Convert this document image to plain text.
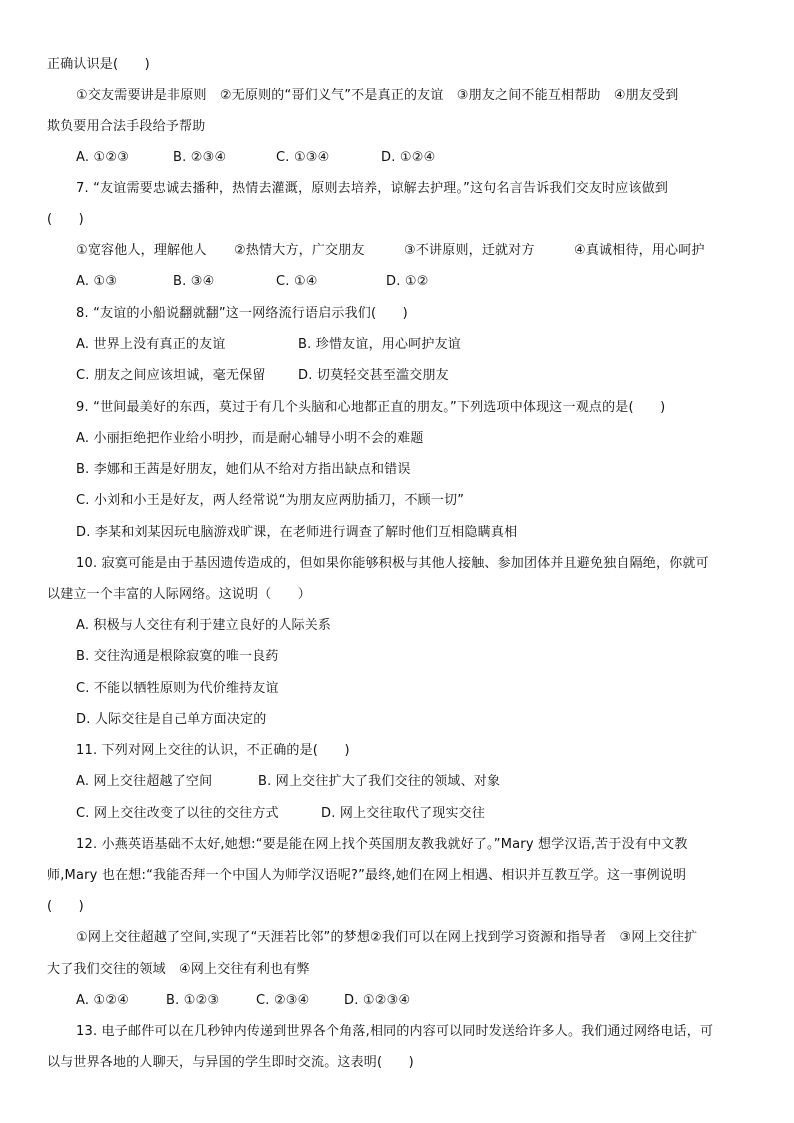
正确认识是(　　)
①交友需要讲是非原则　②无原则的“哥们义气”不是真正的友谊　③朋友之间不能互相帮助　④朋友受到
欺负要用合法手段给予帮助
A. ①②③	B. ②③④	C. ①③④	D. ①②④
7. “友谊需要忠诚去播种，热情去灌溉，原则去培养，谅解去护理。”这句名言告诉我们交友时应该做到
(　　)
①宽容他人，理解他人 ②热情大方，广交朋友	③不讲原则，迁就对方	④真诚相待，用心呵护
A. ①③	B. ③④	C. ①④	D. ①②
8. “友谊的小船说翻就翻”这一网络流行语启示我们(　　)
A. 世界上没有真正的友谊	B. 珍惜友谊，用心呵护友谊
C. 朋友之间应该坦诚，毫无保留 D. 切莫轻交甚至滥交朋友
9. “世间最美好的东西，莫过于有几个头脑和心地都正直的朋友。”下列选项中体现这一观点的是(　　)
A. 小丽拒绝把作业给小明抄，而是耐心辅导小明不会的难题
B. 李娜和王茜是好朋友，她们从不给对方指出缺点和错误
C. 小刘和小王是好友，两人经常说“为朋友应两肋插刀，不顾一切”
D. 李某和刘某因玩电脑游戏旷课，在老师进行调查了解时他们互相隐瞒真相
10. 寂寞可能是由于基因遗传造成的，但如果你能够积极与其他人接触、参加团体并且避免独自隔绝，你就可
以建立一个丰富的人际网络。这说明（　　）
A. 积极与人交往有利于建立良好的人际关系
B. 交往沟通是根除寂寞的唯一良药
C. 不能以牺牲原则为代价维持友谊
D. 人际交往是自己单方面决定的
11. 下列对网上交往的认识，不正确的是(　　)
A. 网上交往超越了空间	B. 网上交往扩大了我们交往的领域、对象
C. 网上交往改变了以往的交往方式	D. 网上交往取代了现实交往
12. 小燕英语基础不太好,她想:“要是能在网上找个英国朋友教我就好了。”Mary 想学汉语,苦于没有中文教
师,Mary 也在想:“我能否拜一个中国人为师学汉语呢?”最终,她们在网上相遇、相识并互教互学。这一事例说明
(　　)
①网上交往超越了空间,实现了“天涯若比邻”的梦想②我们可以在网上找到学习资源和指导者　③网上交往扩
大了我们交往的领域　④网上交往有利也有弊
A. ①②④	B. ①②③	C. ②③④	D. ①②③④
13. 电子邮件可以在几秒钟内传递到世界各个角落,相同的内容可以同时发送给许多人。我们通过网络电话，可
以与世界各地的人聊天，与异国的学生即时交流。这表明(　　)
